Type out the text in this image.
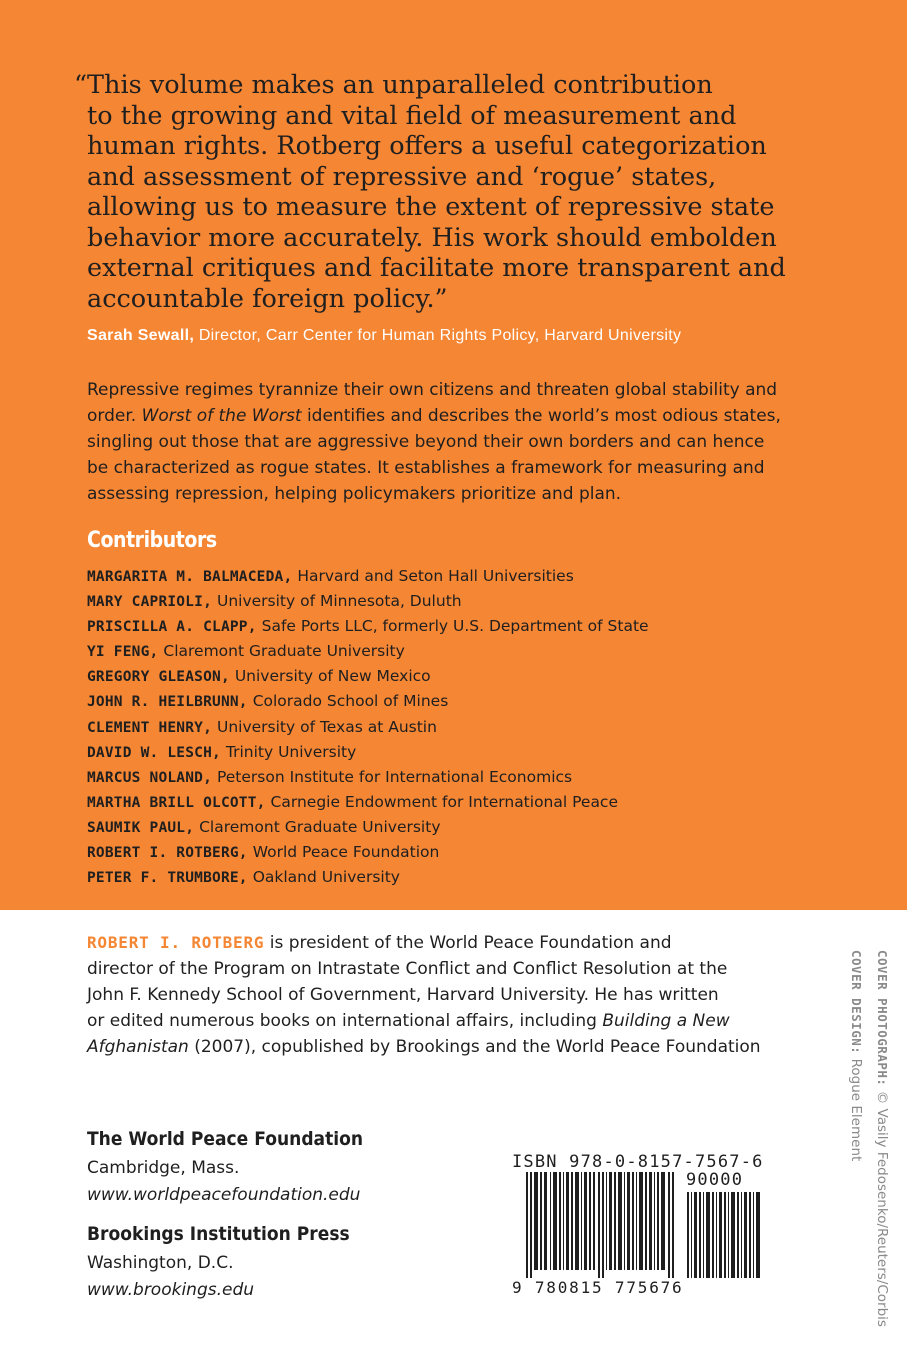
“This volume makes an unparalleled contribution
to the growing and vital field of measurement and
human rights. Rotberg offers a useful categorization
and assessment of repressive and ‘rogue’ states,
allowing us to measure the extent of repressive state
behavior more accurately. His work should embolden
external critiques and facilitate more transparent and
accountable foreign policy.”
Sarah Sewall, Director, Carr Center for Human Rights Policy, Harvard University
Repressive regimes tyrannize their own citizens and threaten global stability and
order. Worst of the Worst identifies and describes the world’s most odious states,
singling out those that are aggressive beyond their own borders and can hence
be characterized as rogue states. It establishes a framework for measuring and
assessing repression, helping policymakers prioritize and plan.
Contributors
MARGARITA M. BALMACEDA, Harvard and Seton Hall Universities
MARY CAPRIOLI, University of Minnesota, Duluth
PRISCILLA A. CLAPP, Safe Ports LLC, formerly U.S. Department of State
YI FENG, Claremont Graduate University
GREGORY GLEASON, University of New Mexico
JOHN R. HEILBRUNN, Colorado School of Mines
CLEMENT HENRY, University of Texas at Austin
DAVID W. LESCH, Trinity University
MARCUS NOLAND, Peterson Institute for International Economics
MARTHA BRILL OLCOTT, Carnegie Endowment for International Peace
SAUMIK PAUL, Claremont Graduate University
ROBERT I. ROTBERG, World Peace Foundation
PETER F. TRUMBORE, Oakland University
ROBERT I. ROTBERG is president of the World Peace Foundation and
director of the Program on Intrastate Conflict and Conflict Resolution at the
John F. Kennedy School of Government, Harvard University. He has written
or edited numerous books on international affairs, including Building a New
Afghanistan (2007), copublished by Brookings and the World Peace Foundation	COVER PHOTOGRAPH: © Vasily Fedosenko/Reuters/Corbis
COVER DESIGN: Rogue Element
The World Peace Foundation
Cambridge, Mass.
www.worldpeacefoundation.edu
Brookings Institution Press
Washington, D.C.
www.brookings.edu
ISBN 978-0-8157-7567-6
90000
9 780815 775676
